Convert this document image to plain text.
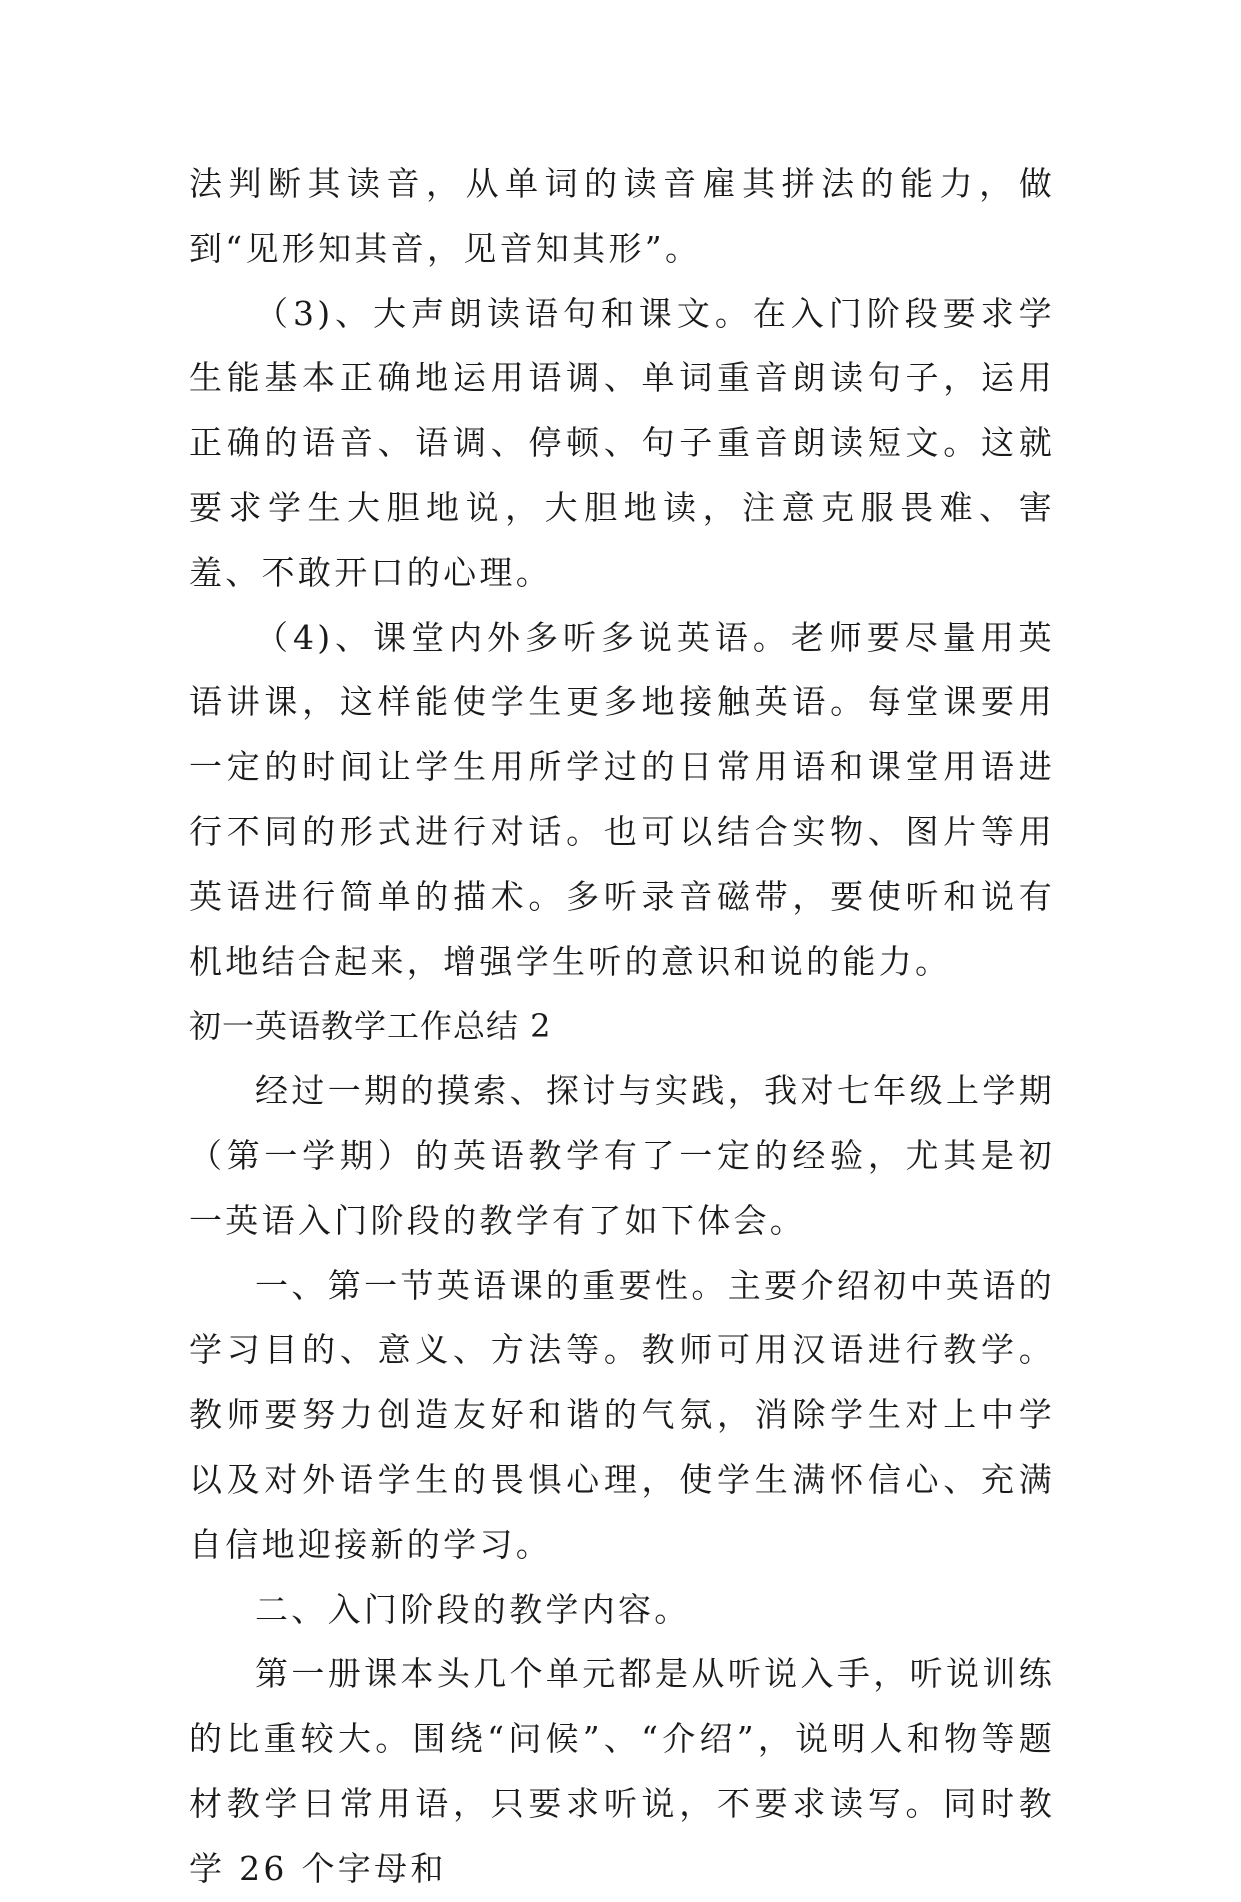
法判断其读音，从单词的读音雇其拼法的能力，做到“见形知其音，见音知其形”。

（3)、大声朗读语句和课文。在入门阶段要求学生能基本正确地运用语调、单词重音朗读句子，运用正确的语音、语调、停顿、句子重音朗读短文。这就要求学生大胆地说，大胆地读，注意克服畏难、害羞、不敢开口的心理。

（4)、课堂内外多听多说英语。老师要尽量用英语讲课，这样能使学生更多地接触英语。每堂课要用一定的时间让学生用所学过的日常用语和课堂用语进行不同的形式进行对话。也可以结合实物、图片等用英语进行简单的描术。多听录音磁带，要使听和说有机地结合起来，增强学生听的意识和说的能力。

初一英语教学工作总结 2

经过一期的摸索、探讨与实践，我对七年级上学期（第一学期）的英语教学有了一定的经验，尤其是初一英语入门阶段的教学有了如下体会。

一、第一节英语课的重要性。主要介绍初中英语的学习目的、意义、方法等。教师可用汉语进行教学。教师要努力创造友好和谐的气氛，消除学生对上中学以及对外语学生的畏惧心理，使学生满怀信心、充满自信地迎接新的学习。

二、入门阶段的教学内容。

第一册课本头几个单元都是从听说入手，听说训练的比重较大。围绕“问候”、“介绍”，说明人和物等题材教学日常用语，只要求听说，不要求读写。同时教学 26 个字母和
